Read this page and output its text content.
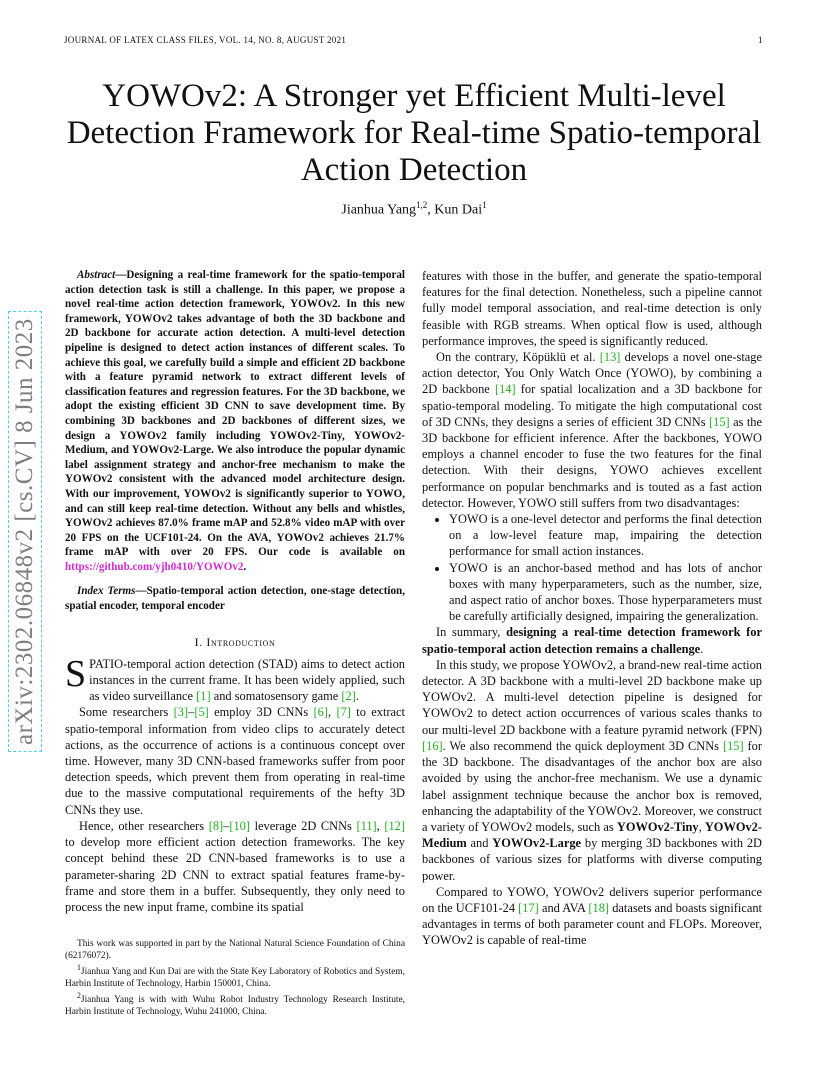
JOURNAL OF LATEX CLASS FILES, VOL. 14, NO. 8, AUGUST 2021	1
YOWOv2: A Stronger yet Efficient Multi-level Detection Framework for Real-time Spatio-temporal Action Detection
Jianhua Yang$^{1,2}$, Kun Dai$^1$
arXiv:2302.06848v2 [cs.CV] 8 Jun 2023

Abstract—Designing a real-time framework for the spatio-temporal action detection task is still a challenge. In this paper, we propose a novel real-time action detection framework, YOWOv2. In this new framework, YOWOv2 takes advantage of both the 3D backbone and 2D backbone for accurate action detection. A multi-level detection pipeline is designed to detect action instances of different scales. To achieve this goal, we carefully build a simple and efficient 2D backbone with a feature pyramid network to extract different levels of classification features and regression features. For the 3D backbone, we adopt the existing efficient 3D CNN to save development time. By combining 3D backbones and 2D backbones of different sizes, we design a YOWOv2 family including YOWOv2-Tiny, YOWOv2-Medium, and YOWOv2-Large. We also introduce the popular dynamic label assignment strategy and anchor-free mechanism to make the YOWOv2 consistent with the advanced model architecture design. With our improvement, YOWOv2 is significantly superior to YOWO, and can still keep real-time detection. Without any bells and whistles, YOWOv2 achieves 87.0% frame mAP and 52.8% video mAP with over 20 FPS on the UCF101-24. On the AVA, YOWOv2 achieves 21.7% frame mAP with over 20 FPS. Our code is available on https://github.com/yjh0410/YOWOv2.

Index Terms—Spatio-temporal action detection, one-stage detection, spatial encoder, temporal encoder

I. Introduction

SPATIO-temporal action detection (STAD) aims to detect action instances in the current frame. It has been widely applied, such as video surveillance [1] and somatosensory game [2].

Some researchers [3]–[5] employ 3D CNNs [6], [7] to extract spatio-temporal information from video clips to accurately detect actions, as the occurrence of actions is a continuous concept over time. However, many 3D CNN-based frameworks suffer from poor detection speeds, which prevent them from operating in real-time due to the massive computational requirements of the hefty 3D CNNs they use.

Hence, other researchers [8]–[10] leverage 2D CNNs [11], [12] to develop more efficient action detection frameworks. The key concept behind these 2D CNN-based frameworks is to use a parameter-sharing 2D CNN to extract spatial features frame-by-frame and store them in a buffer. Subsequently, they only need to process the new input frame, combine its spatial

This work was supported in part by the National Natural Science Foundation of China (62176072).

$^1$Jianhua Yang and Kun Dai are with the State Key Laboratory of Robotics and System, Harbin Institute of Technology, Harbin 150001, China.

$^2$Jianhua Yang is with with Wuhu Robot Industry Technology Research Institute, Harbin Institute of Technology, Wuhu 241000, China.

features with those in the buffer, and generate the spatio-temporal features for the final detection. Nonetheless, such a pipeline cannot fully model temporal association, and real-time detection is only feasible with RGB streams. When optical flow is used, although performance improves, the speed is significantly reduced.

On the contrary, Köpüklü et al. [13] develops a novel one-stage action detector, You Only Watch Once (YOWO), by combining a 2D backbone [14] for spatial localization and a 3D backbone for spatio-temporal modeling. To mitigate the high computational cost of 3D CNNs, they designs a series of efficient 3D CNNs [15] as the 3D backbone for efficient inference. After the backbones, YOWO employs a channel encoder to fuse the two features for the final detection. With their designs, YOWO achieves excellent performance on popular benchmarks and is touted as a fast action detector. However, YOWO still suffers from two disadvantages:

• YOWO is a one-level detector and performs the final detection on a low-level feature map, impairing the detection performance for small action instances.
• YOWO is an anchor-based method and has lots of anchor boxes with many hyperparameters, such as the number, size, and aspect ratio of anchor boxes. Those hyperparameters must be carefully artificially designed, impairing the generalization.

In summary, designing a real-time detection framework for spatio-temporal action detection remains a challenge.

In this study, we propose YOWOv2, a brand-new real-time action detector. A 3D backbone with a multi-level 2D backbone make up YOWOv2. A multi-level detection pipeline is designed for YOWOv2 to detect action occurrences of various scales thanks to our multi-level 2D backbone with a feature pyramid network (FPN) [16]. We also recommend the quick deployment 3D CNNs [15] for the 3D backbone. The disadvantages of the anchor box are also avoided by using the anchor-free mechanism. We use a dynamic label assignment technique because the anchor box is removed, enhancing the adaptability of the YOWOv2. Moreover, we construct a variety of YOWOv2 models, such as YOWOv2-Tiny, YOWOv2-Medium and YOWOv2-Large by merging 3D backbones with 2D backbones of various sizes for platforms with diverse computing power.

Compared to YOWO, YOWOv2 delivers superior performance on the UCF101-24 [17] and AVA [18] datasets and boasts significant advantages in terms of both parameter count and FLOPs. Moreover, YOWOv2 is capable of real-time
